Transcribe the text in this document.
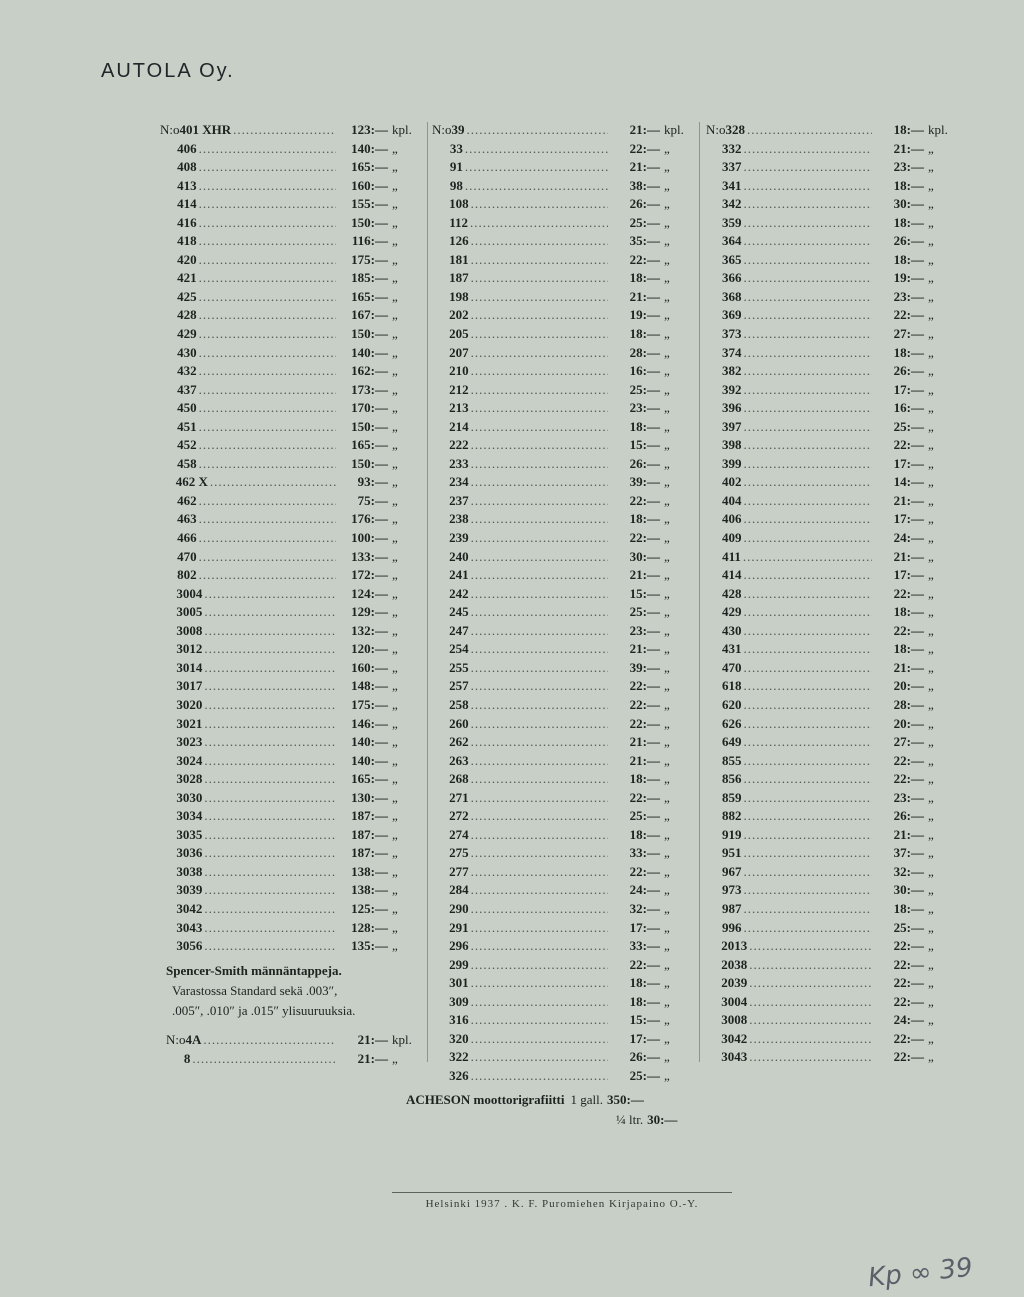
AUTOLA Oy.
N:o 401 XHR .....	123:— kpl.
406 .....	140:— „
408 .....	165:— „
413 .....	160:— „
414 .....	155:— „
416 .....	150:— „
418 .....	116:— „
420 .....	175:— „
421 .....	185:— „
425 .....	165:— „
428 .....	167:— „
429 .....	150:— „
430 .....	140:— „
432 .....	162:— „
437 .....	173:— „
450 .....	170:— „
451 .....	150:— „
452 .....	165:— „
458 .....	150:— „
462 X .....	93:— „
462 .....	75:— „
463 .....	176:— „
466 .....	100:— „
470 .....	133:— „
802 .....	172:— „
3004 .....	124:— „
3005 .....	129:— „
3008 .....	132:— „
3012 .....	120:— „
3014 .....	160:— „
3017 .....	148:— „
3020 .....	175:— „
3021 .....	146:— „
3023 .....	140:— „
3024 .....	140:— „
3028 .....	165:— „
3030 .....	130:— „
3034 .....	187:— „
3035 .....	187:— „
3036 .....	187:— „
3038 .....	138:— „
3039 .....	138:— „
3042 .....	125:— „
3043 .....	128:— „
3056 .....	135:— „
N:o 39 .....	21:— kpl.
33 .....	22:— „
91 .....	21:— „
98 .....	38:— „
108 .....	26:— „
112 .....	25:— „
126 .....	35:— „
181 .....	22:— „
187 .....	18:— „
198 .....	21:— „
202 .....	19:— „
205 .....	18:— „
207 .....	28:— „
210 .....	16:— „
212 .....	25:— „
213 .....	23:— „
214 .....	18:— „
222 .....	15:— „
233 .....	26:— „
234 .....	39:— „
237 .....	22:— „
238 .....	18:— „
239 .....	22:— „
240 .....	30:— „
241 .....	21:— „
242 .....	15:— „
245 .....	25:— „
247 .....	23:— „
254 .....	21:— „
255 .....	39:— „
257 .....	22:— „
258 .....	22:— „
260 .....	22:— „
262 .....	21:— „
263 .....	21:— „
268 .....	18:— „
271 .....	22:— „
272 .....	25:— „
274 .....	18:— „
275 .....	33:— „
277 .....	22:— „
284 .....	24:— „
290 .....	32:— „
291 .....	17:— „
296 .....	33:— „
299 .....	22:— „
301 .....	18:— „
309 .....	18:— „
316 .....	15:— „
320 .....	17:— „
322 .....	26:— „
326 .....	25:— „
N:o 328 .....	18:— kpl.
332 .....	21:— „
337 .....	23:— „
341 .....	18:— „
342 .....	30:— „
359 .....	18:— „
364 .....	26:— „
365 .....	18:— „
366 .....	19:— „
368 .....	23:— „
369 .....	22:— „
373 .....	27:— „
374 .....	18:— „
382 .....	26:— „
392 .....	17:— „
396 .....	16:— „
397 .....	25:— „
398 .....	22:— „
399 .....	17:— „
402 .....	14:— „
404 .....	21:— „
406 .....	17:— „
409 .....	24:— „
411 .....	21:— „
414 .....	17:— „
428 .....	22:— „
429 .....	18:— „
430 .....	22:— „
431 .....	18:— „
470 .....	21:— „
618 .....	20:— „
620 .....	28:— „
626 .....	20:— „
649 .....	27:— „
855 .....	22:— „
856 .....	22:— „
859 .....	23:— „
882 .....	26:— „
919 .....	21:— „
951 .....	37:— „
967 .....	32:— „
973 .....	30:— „
987 .....	18:— „
996 .....	25:— „
2013 .....	22:— „
2038 .....	22:— „
2039 .....	22:— „
3004 .....	22:— „
3008 .....	24:— „
3042 .....	22:— „
3043 .....	22:— „
Spencer-Smith männäntappeja.
Varastossa Standard sekä .003″,
.005″, .010″ ja .015″ ylisuuruuksia.
N:o 4A .....	21:— kpl.
8 .....	21:— „
ACHESON moottorigrafiitti 1 gall. 350:—
¼ ltr. 30:—
Helsinki 1937 . K. F. Puromiehen Kirjapaino O.-Y.
Kp ∞ 39
